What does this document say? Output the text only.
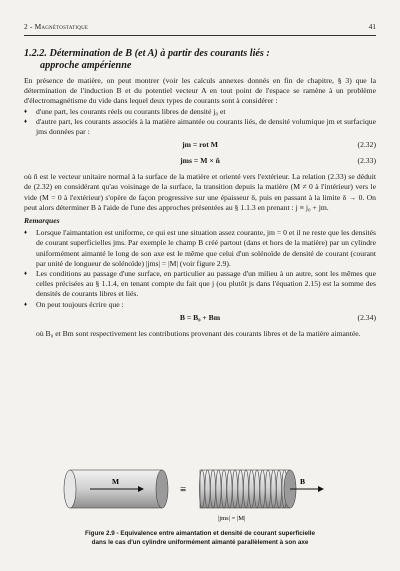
2 - Magnétostatique	41
1.2.2. Détermination de B (et A) à partir des courants liés :
approche ampérienne

En présence de matière, on peut montrer (voir les calculs annexes donnés en fin de chapitre, § 3) que la détermination de l'induction B et du potentiel vecteur A en tout point de l'espace se ramène à un problème d'électromagnétisme du vide dans lequel deux types de courants sont à considérer :

♦ d'une part, les courants réels ou courants libres de densité j₀ et
♦ d'autre part, les courants associés à la matière aimantée ou courants liés, de densité volumique jm et surfacique jms données par :
jm = rot M	(2.32)
jms = M × n̂	(2.33)

où n̂ est le vecteur unitaire normal à la surface de la matière et orienté vers l'extérieur. La relation (2.33) se déduit de (2.32) en considérant qu'au voisinage de la surface, la transition depuis la matière (M ≠ 0 à l'intérieur) vers le vide (M = 0 à l'extérieur) s'opère de façon progressive sur une épaisseur δ, puis en passant à la limite δ → 0. On peut alors déterminer B à l'aide de l'une des approches présentées au § 1.1.3 en prenant : j ≡ j₀ + jm.

Remarques
♦ Lorsque l'aimantation est uniforme, ce qui est une situation assez courante, jm = 0 et il ne reste que les densités de courant superficielles jms. Par exemple le champ B créé partout (dans et hors de la matière) par un cylindre uniformément aimanté le long de son axe est le même que celui d'un solénoïde de densité de courant (courant par unité de longueur de solénoïde) |jms| = |M| (voir figure 2.9).
♦ Les conditions au passage d'une surface, en particulier au passage d'un milieu à un autre, sont les mêmes que celles précisées au § 1.1.4, en tenant compte du fait que j (ou plutôt js dans l'équation 2.15) est la somme des densités de courants libres et liés.
♦ On peut toujours écrire que :
B = B₀ + Bm	(2.34)

où B₀ et Bm sont respectivement les contributions provenant des courants libres et de la matière aimantée.

M
≡
B
|jms| = |M|
Figure 2.9 - Equivalence entre aimantation et densité de courant superficielle
dans le cas d'un cylindre uniformément aimanté parallèlement à son axe
